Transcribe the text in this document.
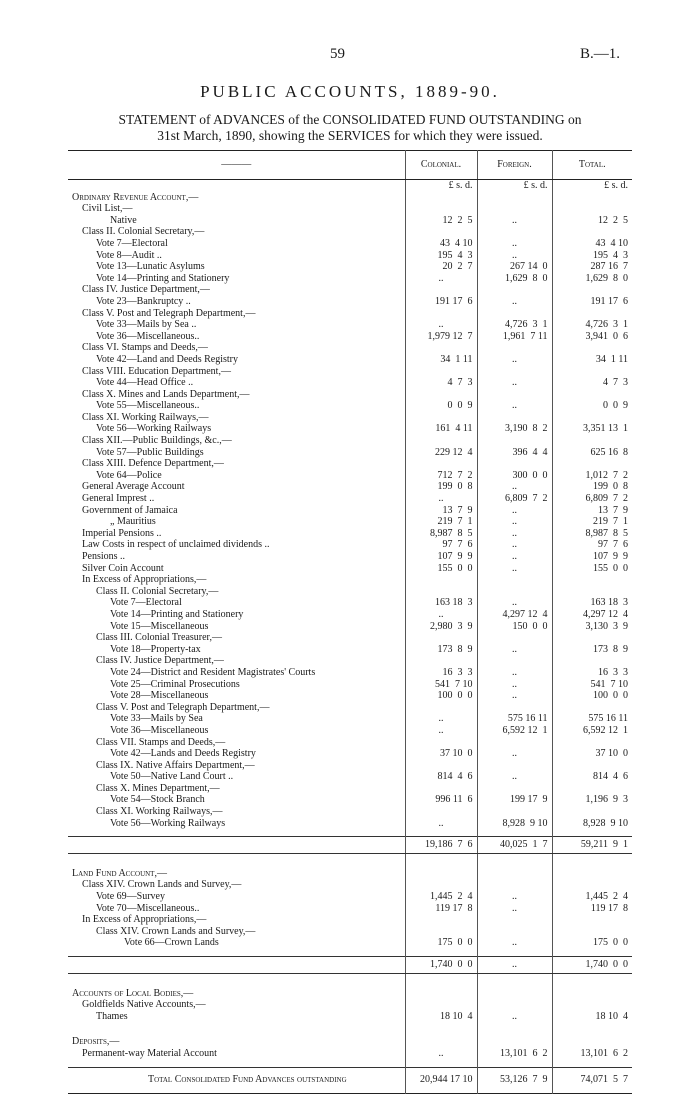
59	B.—1.
PUBLIC ACCOUNTS, 1889-90.
STATEMENT of ADVANCES of the CONSOLIDATED FUND OUTSTANDING on
31st March, 1890, showing the SERVICES for which they were issued.
———	Colonial.	Foreign.	Total.
	£ s. d.	£ s. d.	£ s. d.
Ordinary Revenue Account,—			
Civil List,—			
Native	12  2  5	..	12  2  5
Class II. Colonial Secretary,—			
Vote 7—Electoral	43  4 10	..	43  4 10
Vote 8—Audit ..	195  4  3	..	195  4  3
Vote 13—Lunatic Asylums	20  2  7	267 14  0	287 16  7
Vote 14—Printing and Stationery	..	1,629  8  0	1,629  8  0
Class IV. Justice Department,—			
Vote 23—Bankruptcy ..	191 17  6	..	191 17  6
Class V. Post and Telegraph Department,—			
Vote 33—Mails by Sea ..	..	4,726  3  1	4,726  3  1
Vote 36—Miscellaneous..	1,979 12  7	1,961  7 11	3,941  0  6
Class VI. Stamps and Deeds,—			
Vote 42—Land and Deeds Registry	34  1 11	..	34  1 11
Class VIII. Education Department,—			
Vote 44—Head Office ..	4  7  3	..	4  7  3
Class X. Mines and Lands Department,—			
Vote 55—Miscellaneous..	0  0  9	..	0  0  9
Class XI. Working Railways,—			
Vote 56—Working Railways	161  4 11	3,190  8  2	3,351 13  1
Class XII.—Public Buildings, &c.,—			
Vote 57—Public Buildings	229 12  4	396  4  4	625 16  8
Class XIII. Defence Department,—			
Vote 64—Police	712  7  2	300  0  0	1,012  7  2
General Average Account	199  0  8	..	199  0  8
General Imprest ..	..	6,809  7  2	6,809  7  2
Government of Jamaica	13  7  9	..	13  7  9
„ Mauritius	219  7  1	..	219  7  1
Imperial Pensions ..	8,987  8  5	..	8,987  8  5
Law Costs in respect of unclaimed dividends ..	97  7  6	..	97  7  6
Pensions ..	107  9  9	..	107  9  9
Silver Coin Account	155  0  0	..	155  0  0
In Excess of Appropriations,—			
Class II. Colonial Secretary,—			
Vote 7—Electoral	163 18  3	..	163 18  3
Vote 14—Printing and Stationery	..	4,297 12  4	4,297 12  4
Vote 15—Miscellaneous	2,980  3  9	150  0  0	3,130  3  9
Class III. Colonial Treasurer,—			
Vote 18—Property-tax	173  8  9	..	173  8  9
Class IV. Justice Department,—			
Vote 24—District and Resident Magistrates' Courts	16  3  3	..	16  3  3
Vote 25—Criminal Prosecutions	541  7 10	..	541  7 10
Vote 28—Miscellaneous	100  0  0	..	100  0  0
Class V. Post and Telegraph Department,—			
Vote 33—Mails by Sea	..	575 16 11	575 16 11
Vote 36—Miscellaneous	..	6,592 12  1	6,592 12  1
Class VII. Stamps and Deeds,—			
Vote 42—Lands and Deeds Registry	37 10  0	..	37 10  0
Class IX. Native Affairs Department,—			
Vote 50—Native Land Court ..	814  4  6	..	814  4  6
Class X. Mines Department,—			
Vote 54—Stock Branch	996 11  6	199 17  9	1,196  9  3
Class XI. Working Railways,—			
Vote 56—Working Railways	..	8,928  9 10	8,928  9 10

	19,186  7  6	40,025  1  7	59,211  9  1

Land Fund Account,—			
Class XIV. Crown Lands and Survey,—			
Vote 69—Survey	1,445  2  4	..	1,445  2  4
Vote 70—Miscellaneous..	119 17  8	..	119 17  8
In Excess of Appropriations,—			
Class XIV. Crown Lands and Survey,—			
Vote 66—Crown Lands	175  0  0	..	175  0  0

	1,740  0  0	..	1,740  0  0

Accounts of Local Bodies,—			
Goldfields Native Accounts,—			
Thames	18 10  4	..	18 10  4

Deposits,—			
Permanent-way Material Account	..	13,101  6  2	13,101  6  2

Total Consolidated Fund Advances outstanding	20,944 17 10	53,126  7  9	74,071  5  7
